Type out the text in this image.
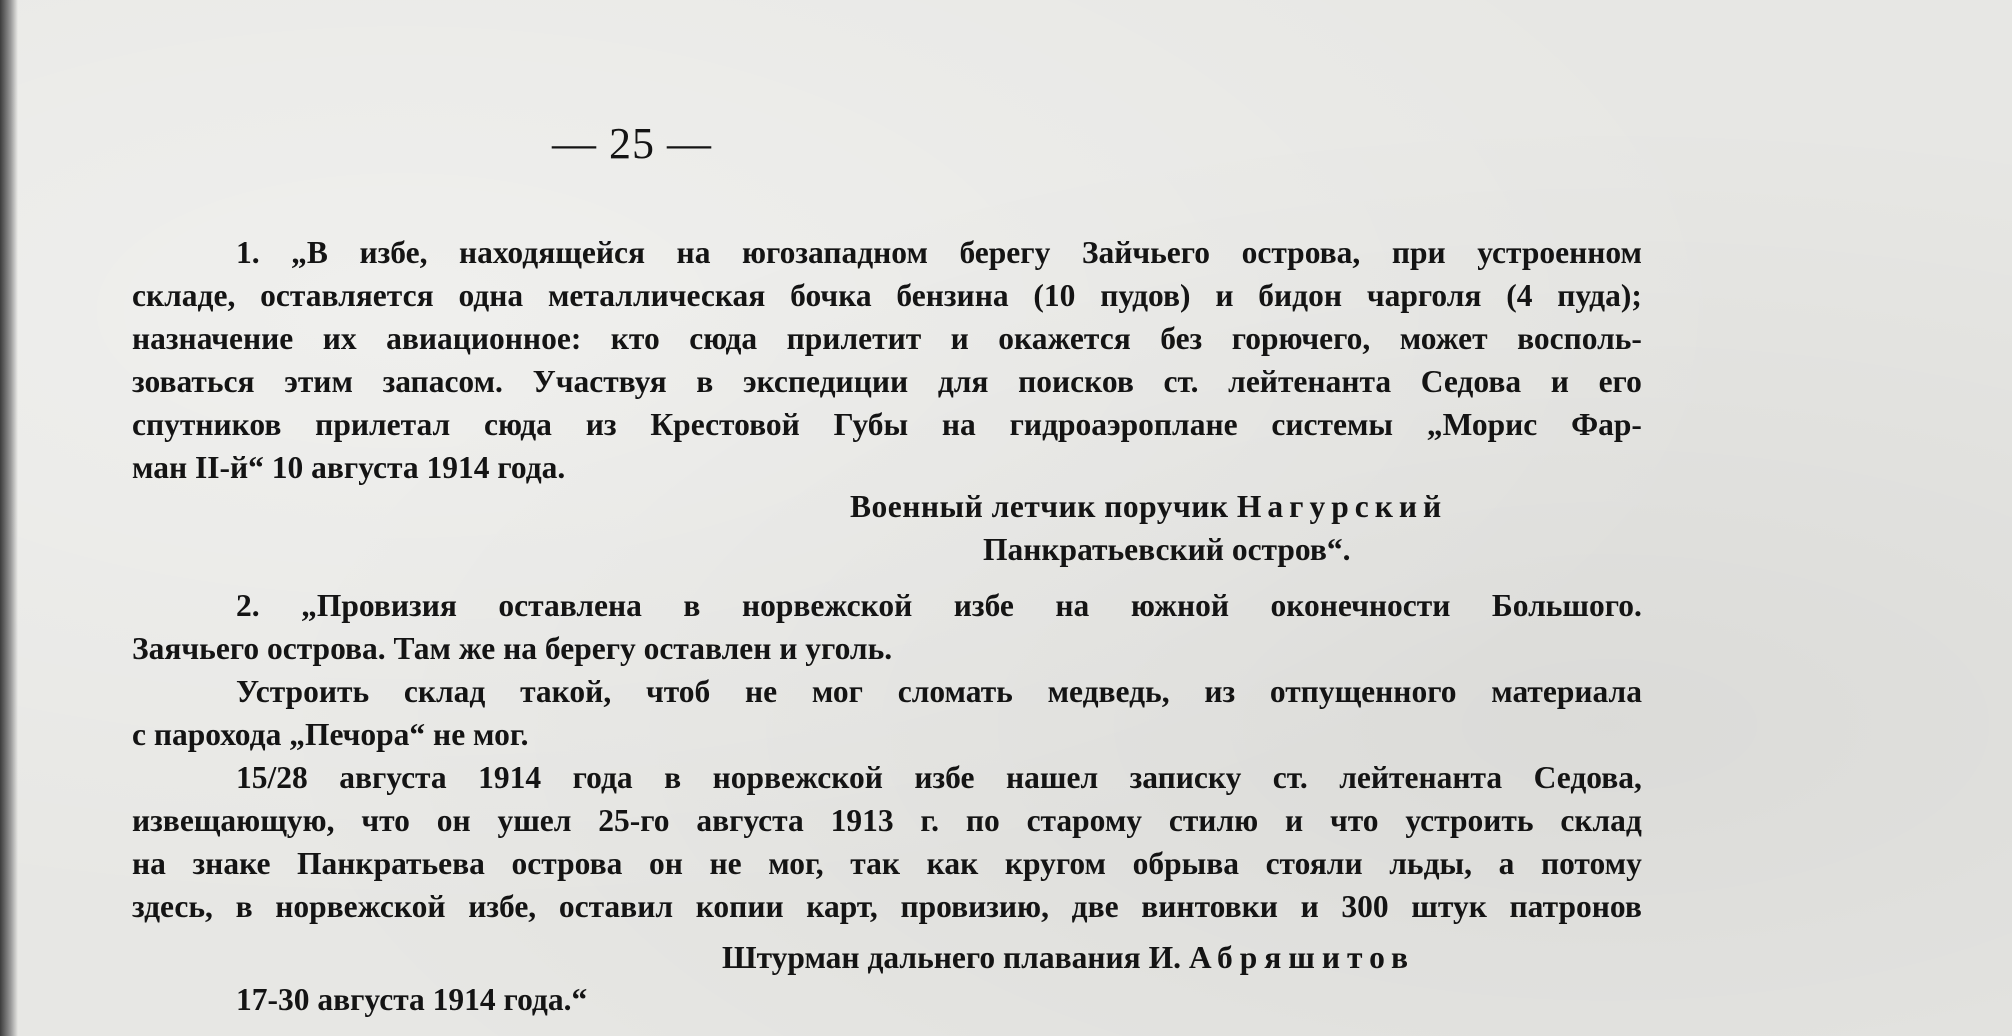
— 25 —
1. „В избе, находящейся на югозападном берегу Зайчьего острова, при устроенном
складе, оставляется одна металлическая бочка бензина (10 пудов) и бидон чарголя (4 пуда);
назначение их авиационное: кто сюда прилетит и окажется без горючего, может восполь-
зоваться этим запасом. Участвуя в экспедиции для поисков ст. лейтенанта Седова и его
спутников прилетал сюда из Крестовой Губы на гидроаэроплане системы „Морис Фар-
ман II-й“ 10 августа 1914 года.
Военный летчик поручик Нагурский
Панкратьевский остров“.
2. „Провизия оставлена в норвежской избе на южной оконечности Большого.
Заячьего острова. Там же на берегу оставлен и уголь.
Устроить склад такой, чтоб не мог сломать медведь, из отпущенного материала
с парохода „Печора“ не мог.
15/28 августа 1914 года в норвежской избе нашел записку ст. лейтенанта Седова,
извещающую, что он ушел 25-го августа 1913 г. по старому стилю и что устроить склад
на знаке Панкратьева острова он не мог, так как кругом обрыва стояли льды, а потому
здесь, в норвежской избе, оставил копии карт, провизию, две винтовки и 300 штук патронов
Штурман дальнего плавания И. Абряшитов
17-30 августа 1914 года.“
